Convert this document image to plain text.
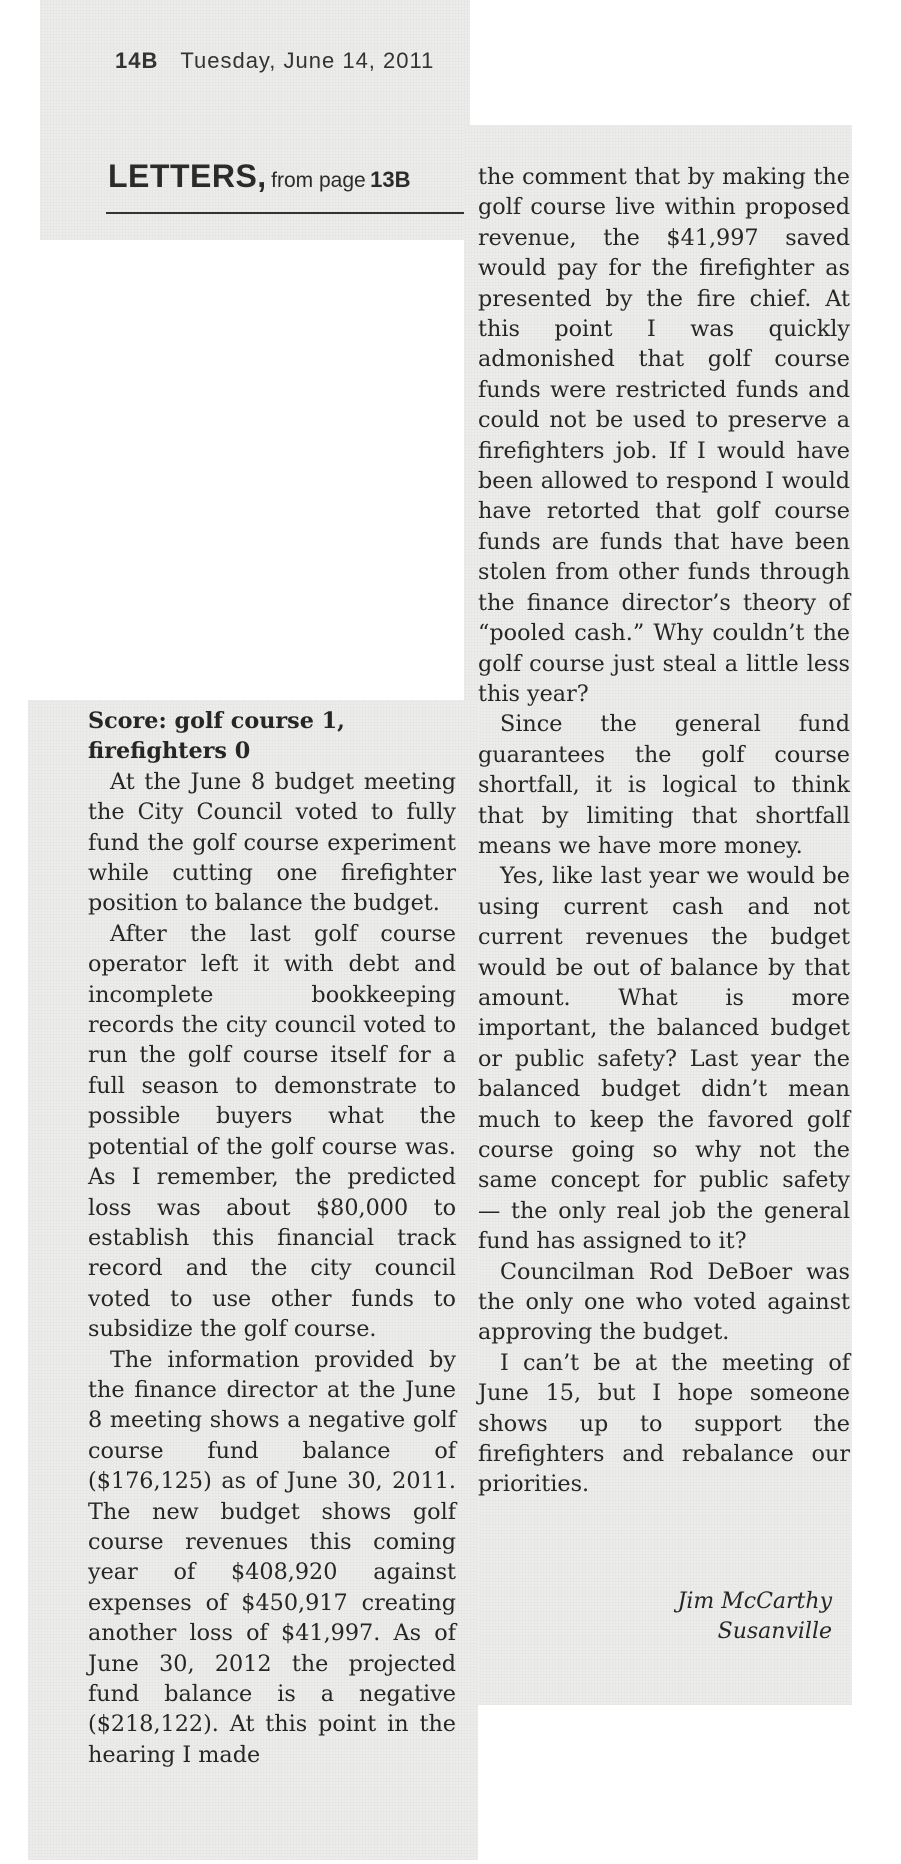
14B Tuesday, June 14, 2011
LETTERS, from page 13B

Score: golf course 1, firefighters 0

At the June 8 budget meeting the City Council voted to fully fund the golf course experiment while cutting one firefighter position to balance the budget.

After the last golf course operator left it with debt and incomplete bookkeeping records the city council voted to run the golf course itself for a full season to demonstrate to possible buyers what the potential of the golf course was. As I remember, the predicted loss was about $80,000 to establish this financial track record and the city council voted to use other funds to subsidize the golf course.

The information provided by the finance director at the June 8 meeting shows a negative golf course fund balance of ($176,125) as of June 30, 2011. The new budget shows golf course revenues this coming year of $408,920 against expenses of $450,917 creating another loss of $41,997. As of June 30, 2012 the projected fund balance is a negative ($218,122). At this point in the hearing I made

the comment that by making the golf course live within proposed revenue, the $41,997 saved would pay for the firefighter as presented by the fire chief. At this point I was quickly admonished that golf course funds were restricted funds and could not be used to preserve a firefighters job. If I would have been allowed to respond I would have retorted that golf course funds are funds that have been stolen from other funds through the finance director’s theory of “pooled cash.” Why couldn’t the golf course just steal a little less this year?

Since the general fund guarantees the golf course shortfall, it is logical to think that by limiting that shortfall means we have more money.

Yes, like last year we would be using current cash and not current revenues the budget would be out of balance by that amount. What is more important, the balanced budget or public safety? Last year the balanced budget didn’t mean much to keep the favored golf course going so why not the same concept for public safety — the only real job the general fund has assigned to it?

Councilman Rod DeBoer was the only one who voted against approving the budget.

I can’t be at the meeting of June 15, but I hope someone shows up to support the firefighters and rebalance our priorities.

Jim McCarthy
Susanville
